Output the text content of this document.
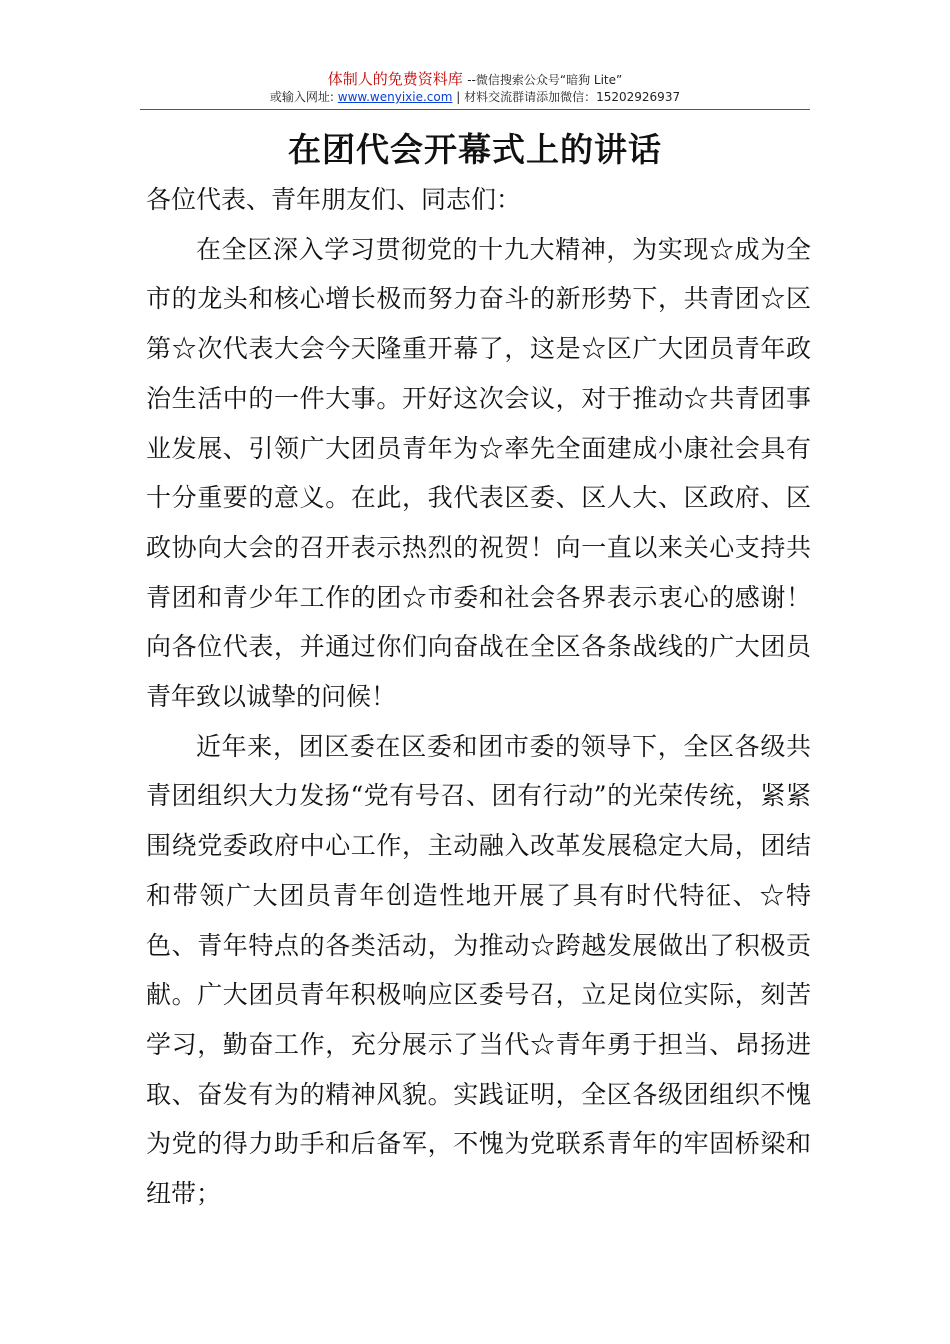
体制人的免费资料库 --微信搜索公众号“暗狗 Lite”
或输入网址: www.wenyixie.com | 材料交流群请添加微信：15202926937
在团代会开幕式上的讲话

各位代表、青年朋友们、同志们：

在全区深入学习贯彻党的十九大精神，为实现☆成为全市的龙头和核心增长极而努力奋斗的新形势下，共青团☆区第☆次代表大会今天隆重开幕了，这是☆区广大团员青年政治生活中的一件大事。开好这次会议，对于推动☆共青团事业发展、引领广大团员青年为☆率先全面建成小康社会具有十分重要的意义。在此，我代表区委、区人大、区政府、区政协向大会的召开表示热烈的祝贺！向一直以来关心支持共青团和青少年工作的团☆市委和社会各界表示衷心的感谢！向各位代表，并通过你们向奋战在全区各条战线的广大团员青年致以诚挚的问候！

近年来，团区委在区委和团市委的领导下，全区各级共青团组织大力发扬“党有号召、团有行动”的光荣传统，紧紧围绕党委政府中心工作，主动融入改革发展稳定大局，团结和带领广大团员青年创造性地开展了具有时代特征、☆特色、青年特点的各类活动，为推动☆跨越发展做出了积极贡献。广大团员青年积极响应区委号召，立足岗位实际，刻苦学习，勤奋工作，充分展示了当代☆青年勇于担当、昂扬进取、奋发有为的精神风貌。实践证明，全区各级团组织不愧为党的得力助手和后备军，不愧为党联系青年的牢固桥梁和纽带；
